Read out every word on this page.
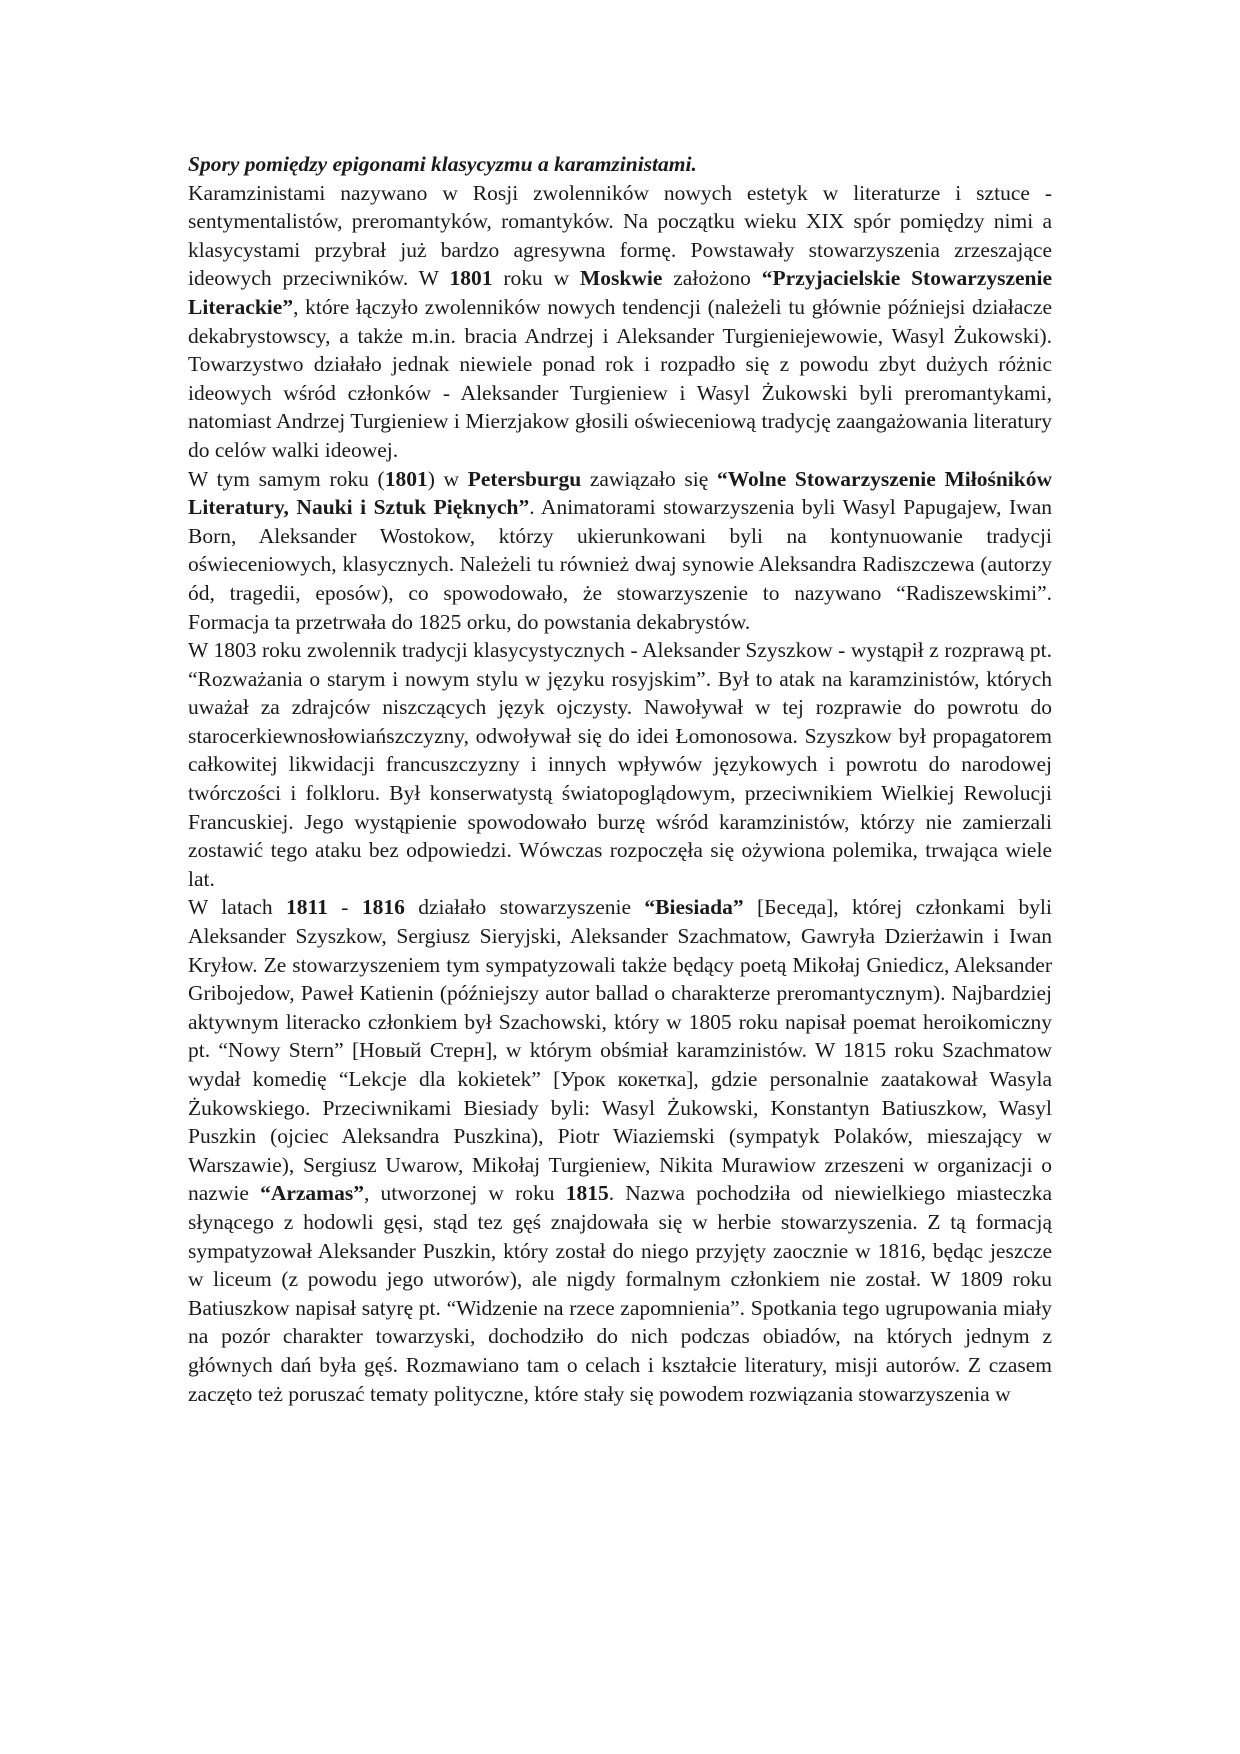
Spory pomiędzy epigonami klasycyzmu a karamzinistami.

Karamzinistami nazywano w Rosji zwolenników nowych estetyk w literaturze i sztuce - sentymentalistów, preromantyków, romantyków. Na początku wieku XIX spór pomiędzy nimi a klasycystami przybrał już bardzo agresywna formę. Powstawały stowarzyszenia zrzeszające ideowych przeciwników. W 1801 roku w Moskwie założono “Przyjacielskie Stowarzyszenie Literackie”, które łączyło zwolenników nowych tendencji (należeli tu głównie późniejsi działacze dekabrystowscy, a także m.in. bracia Andrzej i Aleksander Turgieniejewowie, Wasyl Żukowski). Towarzystwo działało jednak niewiele ponad rok i rozpadło się z powodu zbyt dużych różnic ideowych wśród członków - Aleksander Turgieniew i Wasyl Żukowski byli preromantykami, natomiast Andrzej Turgieniew i Mierzjakow głosili oświeceniową tradycję zaangażowania literatury do celów walki ideowej.

W tym samym roku (1801) w Petersburgu zawiązało się “Wolne Stowarzyszenie Miłośników Literatury, Nauki i Sztuk Pięknych”. Animatorami stowarzyszenia byli Wasyl Papugajew, Iwan Born, Aleksander Wostokow, którzy ukierunkowani byli na kontynuowanie tradycji oświeceniowych, klasycznych. Należeli tu również dwaj synowie Aleksandra Radiszczewa (autorzy ód, tragedii, eposów), co spowodowało, że stowarzyszenie to nazywano “Radiszewskimi”. Formacja ta przetrwała do 1825 orku, do powstania dekabrystów.

W 1803 roku zwolennik tradycji klasycystycznych - Aleksander Szyszkow - wystąpił z rozprawą pt. “Rozważania o starym i nowym stylu w języku rosyjskim”. Był to atak na karamzinistów, których uważał za zdrajców niszczących język ojczysty. Nawoływał w tej rozprawie do powrotu do starocerkiewnosłowiańszczyzny, odwoływał się do idei Łomonosowa. Szyszkow był propagatorem całkowitej likwidacji francuszczyzny i innych wpływów językowych i powrotu do narodowej twórczości i folkloru. Był konserwatystą światopoglądowym, przeciwnikiem Wielkiej Rewolucji Francuskiej. Jego wystąpienie spowodowało burzę wśród karamzinistów, którzy nie zamierzali zostawić tego ataku bez odpowiedzi. Wówczas rozpoczęła się ożywiona polemika, trwająca wiele lat.

W latach 1811 - 1816 działało stowarzyszenie “Biesiada” [Беседа], której członkami byli Aleksander Szyszkow, Sergiusz Sieryjski, Aleksander Szachmatow, Gawryła Dzierżawin i Iwan Kryłow. Ze stowarzyszeniem tym sympatyzowali także będący poetą Mikołaj Gniedicz, Aleksander Gribojedow, Paweł Katienin (późniejszy autor ballad o charakterze preromantycznym). Najbardziej aktywnym literacko członkiem był Szachowski, który w 1805 roku napisał poemat heroikomiczny pt. “Nowy Stern” [Новый Стерн], w którym obśmiał karamzinistów. W 1815 roku Szachmatow wydał komedię “Lekcje dla kokietek” [Урок кокетка], gdzie personalnie zaatakował Wasyla Żukowskiego. Przeciwnikami Biesiady byli: Wasyl Żukowski, Konstantyn Batiuszkow, Wasyl Puszkin (ojciec Aleksandra Puszkina), Piotr Wiaziemski (sympatyk Polaków, mieszający w Warszawie), Sergiusz Uwarow, Mikołaj Turgieniew, Nikita Murawiow zrzeszeni w organizacji o nazwie “Arzamas”, utworzonej w roku 1815. Nazwa pochodziła od niewielkiego miasteczka słynącego z hodowli gęsi, stąd tez gęś znajdowała się w herbie stowarzyszenia. Z tą formacją sympatyzował Aleksander Puszkin, który został do niego przyjęty zaocznie w 1816, będąc jeszcze w liceum (z powodu jego utworów), ale nigdy formalnym członkiem nie został. W 1809 roku Batiuszkow napisał satyrę pt. “Widzenie na rzece zapomnienia”. Spotkania tego ugrupowania miały na pozór charakter towarzyski, dochodziło do nich podczas obiadów, na których jednym z głównych dań była gęś. Rozmawiano tam o celach i kształcie literatury, misji autorów. Z czasem zaczęto też poruszać tematy polityczne, które stały się powodem rozwiązania stowarzyszenia w
